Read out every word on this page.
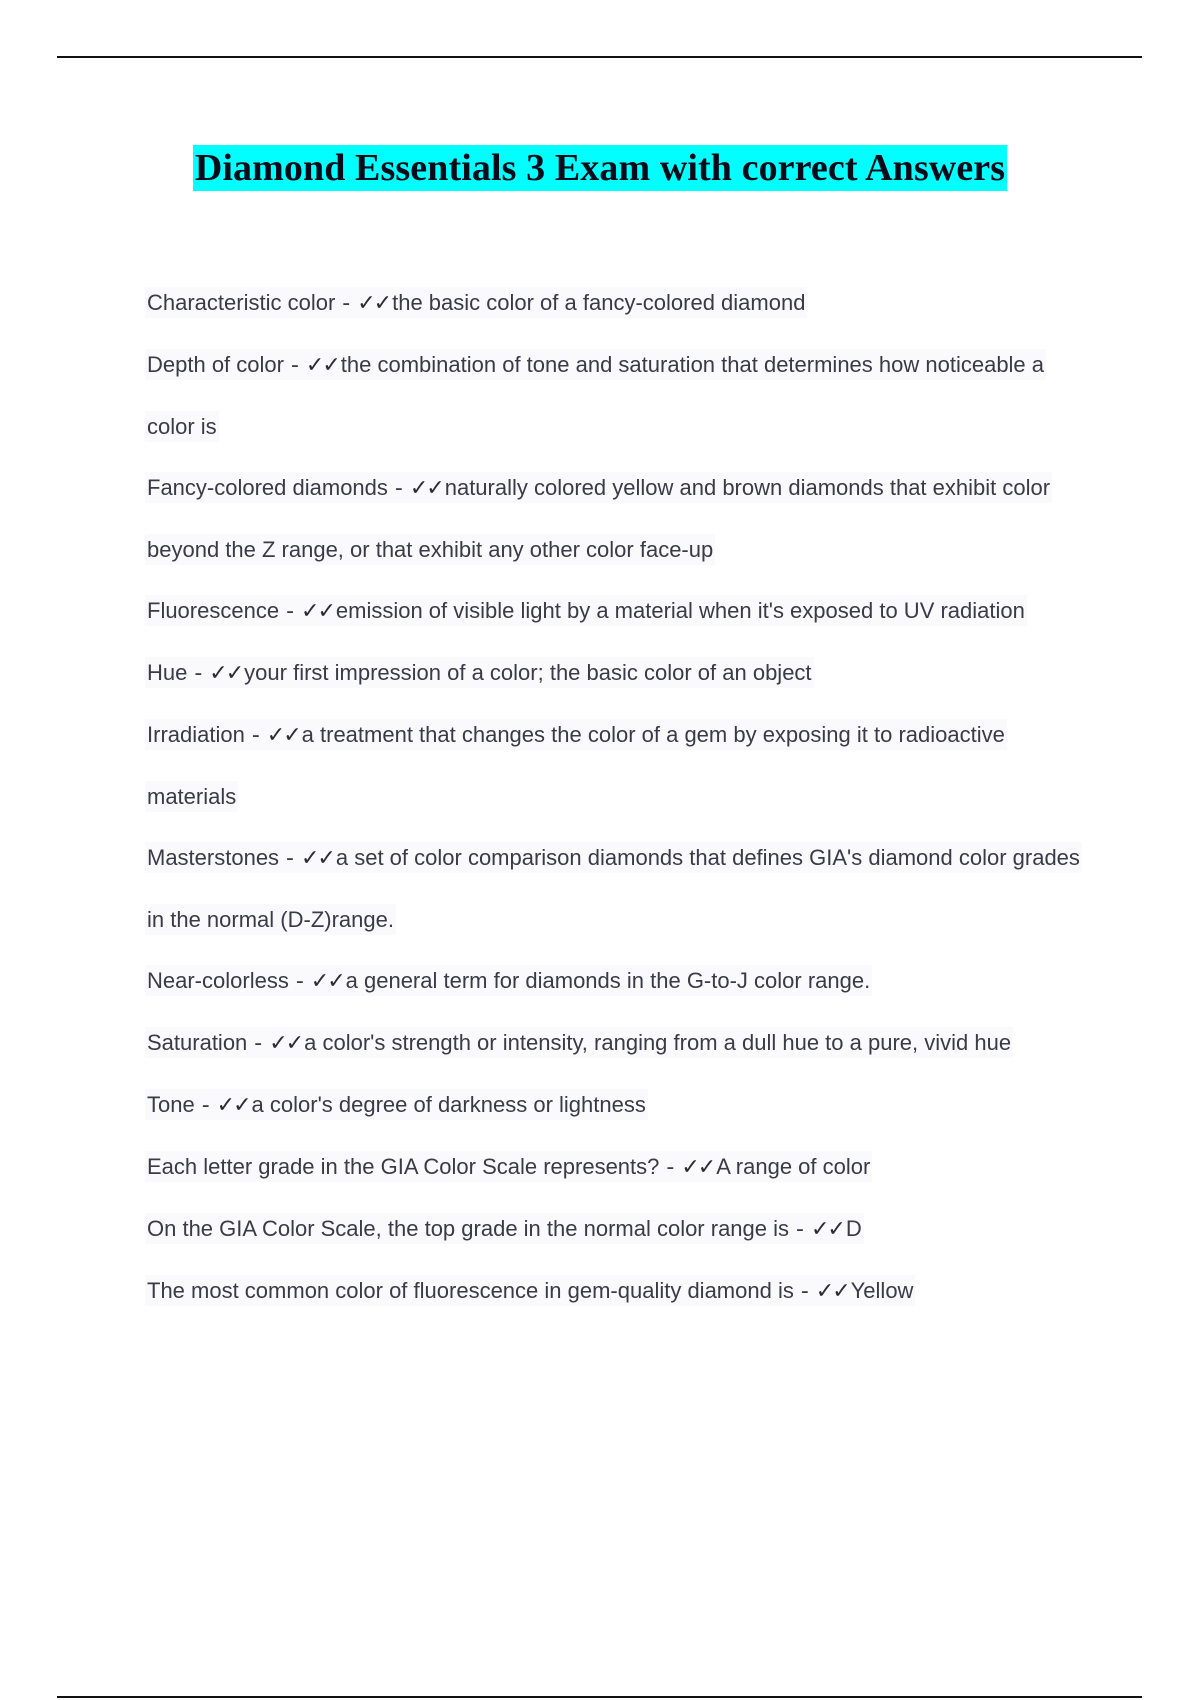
Diamond Essentials 3 Exam with correct Answers
Characteristic color - ✓✓the basic color of a fancy-colored diamond
Depth of color - ✓✓the combination of tone and saturation that determines how noticeable a color is
Fancy-colored diamonds - ✓✓naturally colored yellow and brown diamonds that exhibit color beyond the Z range, or that exhibit any other color face-up
Fluorescence - ✓✓emission of visible light by a material when it's exposed to UV radiation
Hue - ✓✓your first impression of a color; the basic color of an object
Irradiation - ✓✓a treatment that changes the color of a gem by exposing it to radioactive materials
Masterstones - ✓✓a set of color comparison diamonds that defines GIA's diamond color grades in the normal (D-Z)range.
Near-colorless - ✓✓a general term for diamonds in the G-to-J color range.
Saturation - ✓✓a color's strength or intensity, ranging from a dull hue to a pure, vivid hue
Tone - ✓✓a color's degree of darkness or lightness
Each letter grade in the GIA Color Scale represents? - ✓✓A range of color
On the GIA Color Scale, the top grade in the normal color range is - ✓✓D
The most common color of fluorescence in gem-quality diamond is - ✓✓Yellow
